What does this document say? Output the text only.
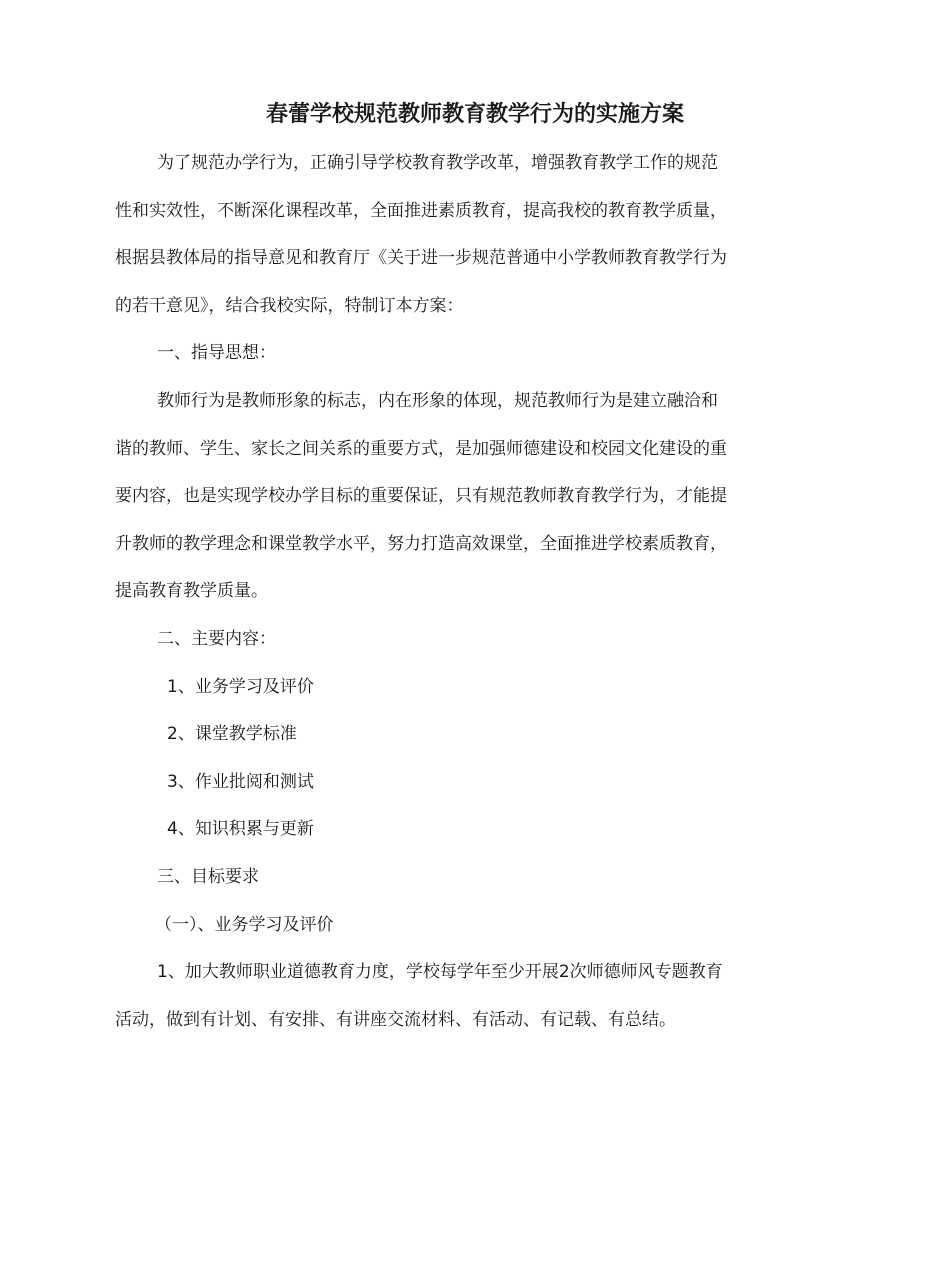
春蕾学校规范教师教育教学行为的实施方案

为了规范办学行为，正确引导学校教育教学改革，增强教育教学工作的规范

性和实效性，不断深化课程改革，全面推进素质教育，提高我校的教育教学质量，

根据县教体局的指导意见和教育厅《关于进一步规范普通中小学教师教育教学行为

的若干意见》，结合我校实际，特制订本方案：

一、指导思想：

教师行为是教师形象的标志，内在形象的体现，规范教师行为是建立融洽和

谐的教师、学生、家长之间关系的重要方式，是加强师德建设和校园文化建设的重

要内容，也是实现学校办学目标的重要保证，只有规范教师教育教学行为，才能提

升教师的教学理念和课堂教学水平，努力打造高效课堂，全面推进学校素质教育，

提高教育教学质量。

二、主要内容：

1、业务学习及评价

2、课堂教学标准

3、作业批阅和测试

4、知识积累与更新

三、目标要求

（一）、业务学习及评价

1、加大教师职业道德教育力度，学校每学年至少开展2次师德师风专题教育

活动，做到有计划、有安排、有讲座交流材料、有活动、有记载、有总结。
